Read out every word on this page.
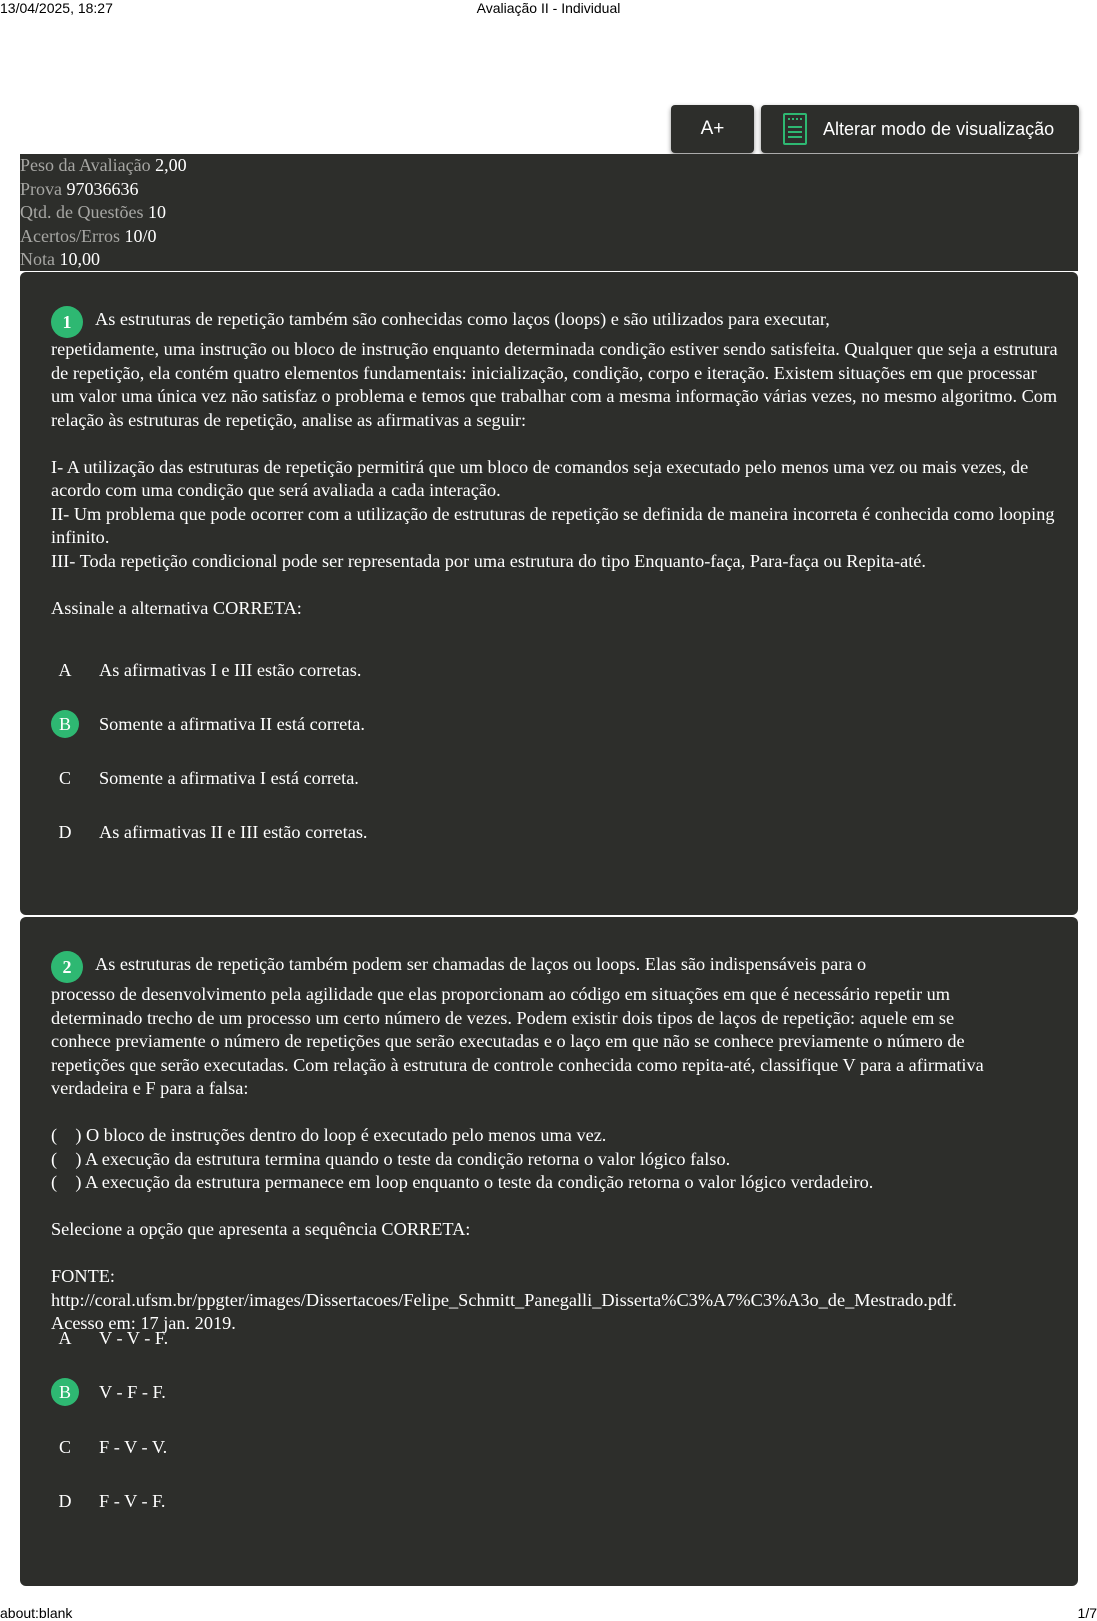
13/04/2025, 18:27	Avaliação II - Individual
A+	Alterar modo de visualização
Peso da Avaliação 2,00
Prova 97036636
Qtd. de Questões 10
Acertos/Erros 10/0
Nota 10,00

1 As estruturas de repetição também são conhecidas como laços (loops) e são utilizados para executar,

repetidamente, uma instrução ou bloco de instrução enquanto determinada condição estiver sendo satisfeita. Qualquer que seja a estrutura de repetição, ela contém quatro elementos fundamentais: inicialização, condição, corpo e iteração. Existem situações em que processar um valor uma única vez não satisfaz o problema e temos que trabalhar com a mesma informação várias vezes, no mesmo algoritmo. Com relação às estruturas de repetição, analise as afirmativas a seguir:

I- A utilização das estruturas de repetição permitirá que um bloco de comandos seja executado pelo menos uma vez ou mais vezes, de acordo com uma condição que será avaliada a cada interação.

II- Um problema que pode ocorrer com a utilização de estruturas de repetição se definida de maneira incorreta é conhecida como looping infinito.

III- Toda repetição condicional pode ser representada por uma estrutura do tipo Enquanto-faça, Para-faça ou Repita-até.

Assinale a alternativa CORRETA:

A	As afirmativas I e III estão corretas.
B	Somente a afirmativa II está correta.
C	Somente a afirmativa I está correta.
D	As afirmativas II e III estão corretas.

2 As estruturas de repetição também podem ser chamadas de laços ou loops. Elas são indispensáveis para o

processo de desenvolvimento pela agilidade que elas proporcionam ao código em situações em que é necessário repetir um determinado trecho de um processo um certo número de vezes. Podem existir dois tipos de laços de repetição: aquele em se conhece previamente o número de repetições que serão executadas e o laço em que não se conhece previamente o número de repetições que serão executadas. Com relação à estrutura de controle conhecida como repita-até, classifique V para a afirmativa verdadeira e F para a falsa:

(    ) O bloco de instruções dentro do loop é executado pelo menos uma vez.

(    ) A execução da estrutura termina quando o teste da condição retorna o valor lógico falso.

(    ) A execução da estrutura permanece em loop enquanto o teste da condição retorna o valor lógico verdadeiro.

Selecione a opção que apresenta a sequência CORRETA:

FONTE:

http://coral.ufsm.br/ppgter/images/Dissertacoes/Felipe_Schmitt_Panegalli_Disserta%C3%A7%C3%A3o_de_Mestrado.pdf.

Acesso em: 17 jan. 2019.

A	V - V - F.
B	V - F - F.
C	F - V - V.
D	F - V - F.
about:blank	1/7
